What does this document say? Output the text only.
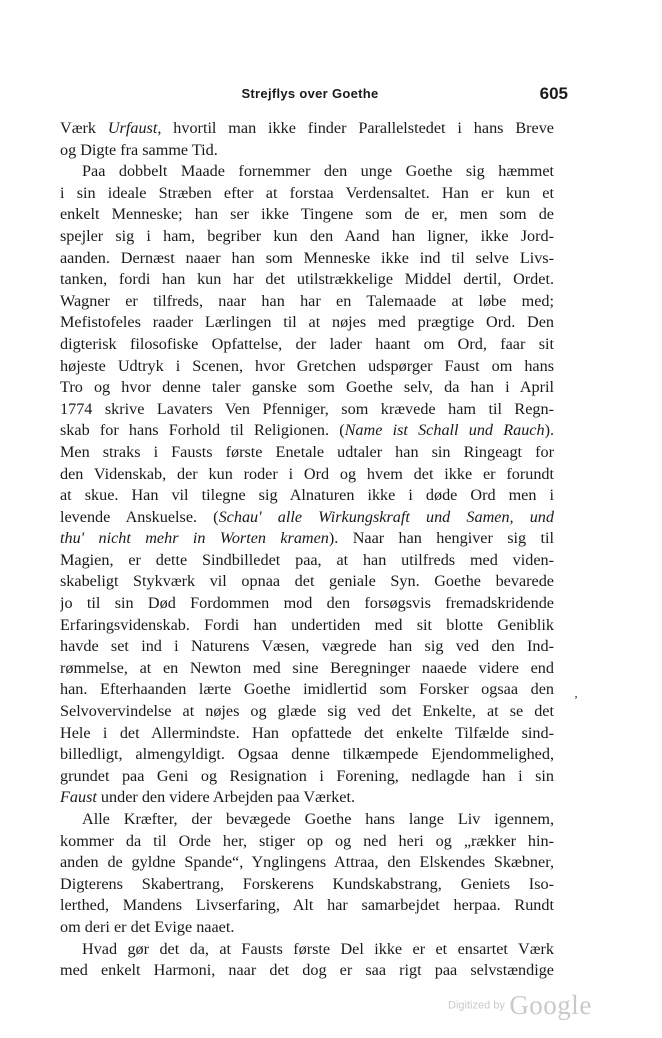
Strejflys over Goethe	605
Værk Urfaust, hvortil man ikke finder Parallelstedet i hans Breve
og Digte fra samme Tid.
Paa dobbelt Maade fornemmer den unge Goethe sig hæmmet
i sin ideale Stræben efter at forstaa Verdensaltet. Han er kun et
enkelt Menneske; han ser ikke Tingene som de er, men som de
spejler sig i ham, begriber kun den Aand han ligner, ikke Jord-
aanden. Dernæst naaer han som Menneske ikke ind til selve Livs-
tanken, fordi han kun har det utilstrækkelige Middel dertil, Ordet.
Wagner er tilfreds, naar han har en Talemaade at løbe med;
Mefistofeles raader Lærlingen til at nøjes med prægtige Ord. Den
digterisk filosofiske Opfattelse, der lader haant om Ord, faar sit
højeste Udtryk i Scenen, hvor Gretchen udspørger Faust om hans
Tro og hvor denne taler ganske som Goethe selv, da han i April
1774 skrive Lavaters Ven Pfenniger, som krævede ham til Regn-
skab for hans Forhold til Religionen. (Name ist Schall und Rauch).
Men straks i Fausts første Enetale udtaler han sin Ringeagt for
den Videnskab, der kun roder i Ord og hvem det ikke er forundt
at skue. Han vil tilegne sig Alnaturen ikke i døde Ord men i
levende Anskuelse. (Schau' alle Wirkungskraft und Samen, und
thu' nicht mehr in Worten kramen). Naar han hengiver sig til
Magien, er dette Sindbilledet paa, at han utilfreds med viden-
skabeligt Stykværk vil opnaa det geniale Syn. Goethe bevarede
jo til sin Død Fordommen mod den forsøgsvis fremadskridende
Erfaringsvidenskab. Fordi han undertiden med sit blotte Geniblik
havde set ind i Naturens Væsen, vægrede han sig ved den Ind-
rømmelse, at en Newton med sine Beregninger naaede videre end
han. Efterhaanden lærte Goethe imidlertid som Forsker ogsaa den
Selvovervindelse at nøjes og glæde sig ved det Enkelte, at se det
Hele i det Allermindste. Han opfattede det enkelte Tilfælde sind-
billedligt, almengyldigt. Ogsaa denne tilkæmpede Ejendommelighed,
grundet paa Geni og Resignation i Forening, nedlagde han i sin
Faust under den videre Arbejden paa Værket.
Alle Kræfter, der bevægede Goethe hans lange Liv igennem,
kommer da til Orde her, stiger op og ned heri og „rækker hin-
anden de gyldne Spande“, Ynglingens Attraa, den Elskendes Skæbner,
Digterens Skabertrang, Forskerens Kundskabstrang, Geniets Iso-
lerthed, Mandens Livserfaring, Alt har samarbejdet herpaa. Rundt
om deri er det Evige naaet.
Hvad gør det da, at Fausts første Del ikke er et ensartet Værk
med enkelt Harmoni, naar det dog er saa rigt paa selvstændige
‚
Digitized by Google
